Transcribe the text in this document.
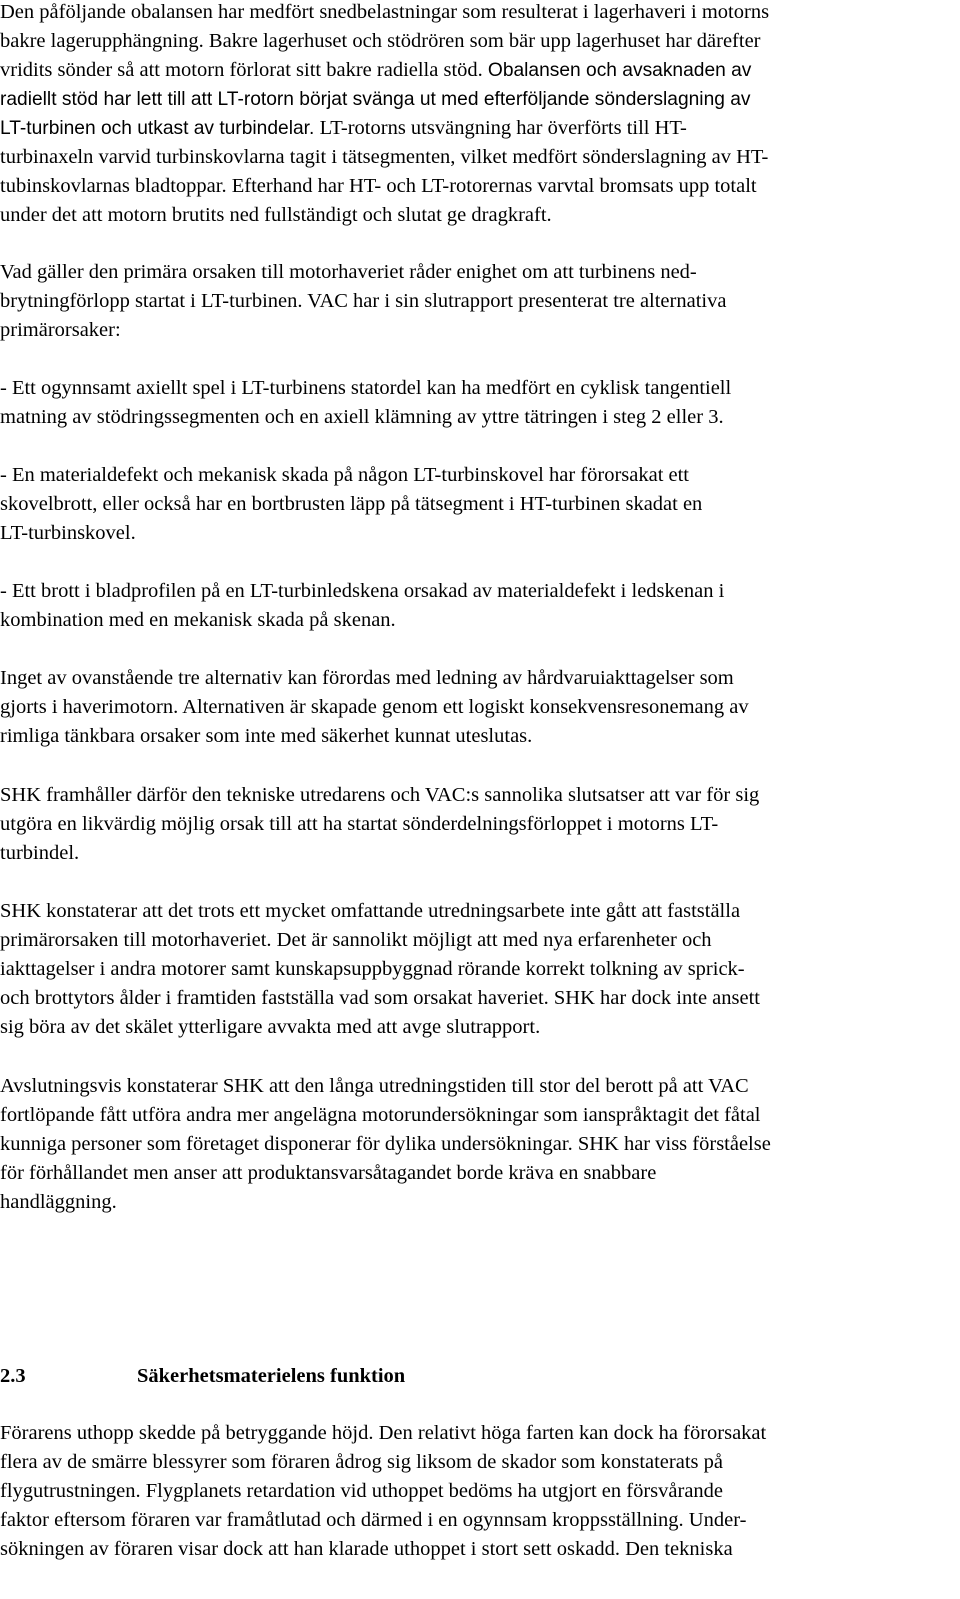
Den påföljande obalansen har medfört snedbelastningar som resulterat i lagerhaveri i motorns
bakre lagerupphängning. Bakre lagerhuset och stödrören som bär upp lagerhuset har därefter
vridits sönder så att motorn förlorat sitt bakre radiella stöd. Obalansen och avsaknaden av
radiellt stöd har lett till att LT-rotorn börjat svänga ut med efterföljande sönderslagning av
LT-turbinen och utkast av turbindelar. LT-rotorns utsvängning har överförts till HT-
turbinaxeln varvid turbinskovlarna tagit i tätsegmenten, vilket medfört sönderslagning av HT-
tubinskovlarnas bladtoppar. Efterhand har HT- och LT-rotorernas varvtal bromsats upp totalt
under det att motorn brutits ned fullständigt och slutat ge dragkraft.

Vad gäller den primära orsaken till motorhaveriet råder enighet om att turbinens ned-
brytningförlopp startat i LT-turbinen. VAC har i sin slutrapport presenterat tre alternativa
primärorsaker:

- Ett ogynnsamt axiellt spel i LT-turbinens statordel kan ha medfört en cyklisk tangentiell
matning av stödringssegmenten och en axiell klämning av yttre tätringen i steg 2 eller 3.

- En materialdefekt och mekanisk skada på någon LT-turbinskovel har förorsakat ett
skovelbrott, eller också har en bortbrusten läpp på tätsegment i HT-turbinen skadat en
LT-turbinskovel.

- Ett brott i bladprofilen på en LT-turbinledskena orsakad av materialdefekt i ledskenan i
kombination med en mekanisk skada på skenan.

Inget av ovanstående tre alternativ kan förordas med ledning av hårdvaruiakttagelser som
gjorts i haverimotorn. Alternativen är skapade genom ett logiskt konsekvensresonemang av
rimliga tänkbara orsaker som inte med säkerhet kunnat uteslutas.

SHK framhåller därför den tekniske utredarens och VAC:s sannolika slutsatser att var för sig
utgöra en likvärdig möjlig orsak till att ha startat sönderdelningsförloppet i motorns LT-
turbindel.

SHK konstaterar att det trots ett mycket omfattande utredningsarbete inte gått att fastställa
primärorsaken till motorhaveriet. Det är sannolikt möjligt att med nya erfarenheter och
iakttagelser i andra motorer samt kunskapsuppbyggnad rörande korrekt tolkning av sprick-
och brottytors ålder i framtiden fastställa vad som orsakat haveriet. SHK har dock inte ansett
sig böra av det skälet ytterligare avvakta med att avge slutrapport.

Avslutningsvis konstaterar SHK att den långa utredningstiden till stor del berott på att VAC
fortlöpande fått utföra andra mer angelägna motorundersökningar som ianspråktagit det fåtal
kunniga personer som företaget disponerar för dylika undersökningar. SHK har viss förståelse
för förhållandet men anser att produktansvarsåtagandet borde kräva en snabbare
handläggning.

2.3	Säkerhetsmaterielens funktion

Förarens uthopp skedde på betryggande höjd. Den relativt höga farten kan dock ha förorsakat
flera av de smärre blessyrer som föraren ådrog sig liksom de skador som konstaterats på
flygutrustningen. Flygplanets retardation vid uthoppet bedöms ha utgjort en försvårande
faktor eftersom föraren var framåtlutad och därmed i en ogynnsam kroppsställning. Under-
sökningen av föraren visar dock att han klarade uthoppet i stort sett oskadd. Den tekniska
